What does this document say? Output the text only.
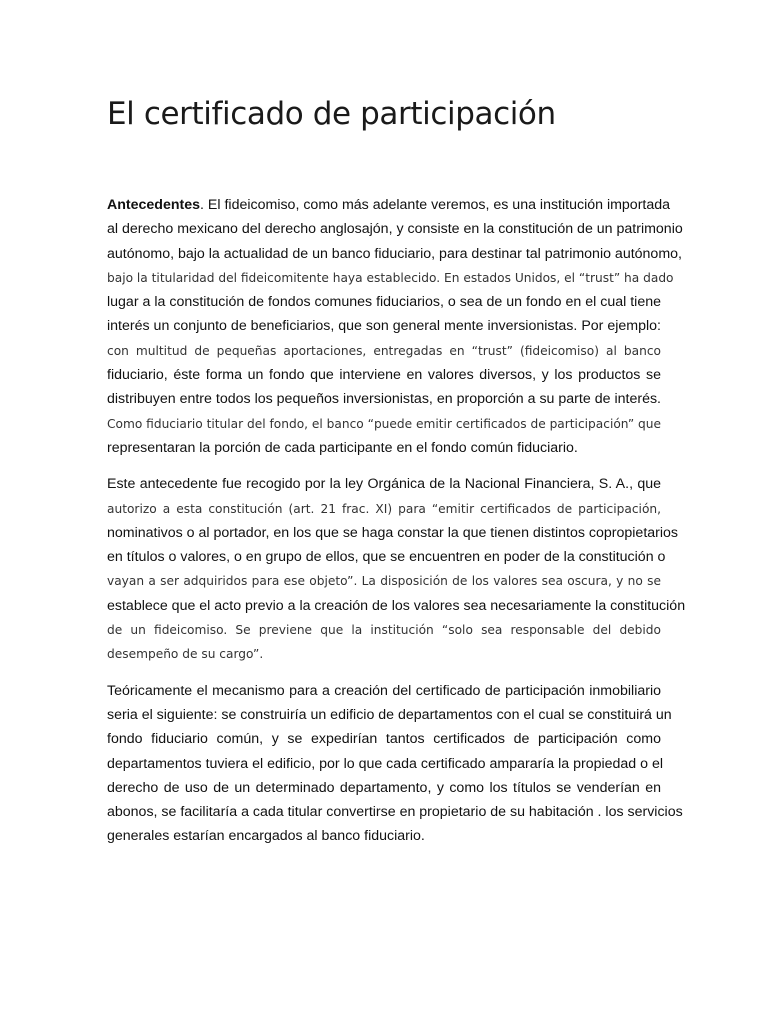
El certificado de participación
Antecedentes. El fideicomiso, como más adelante veremos, es una institución importada
al derecho mexicano del derecho anglosajón, y consiste en la constitución de un patrimonio
autónomo, bajo la actualidad de un banco fiduciario, para destinar tal patrimonio autónomo,
bajo la titularidad del fideicomitente haya establecido. En estados Unidos, el “trust” ha dado
lugar a la constitución de fondos comunes fiduciarios, o sea de un fondo en el cual tiene
interés un conjunto de beneficiarios, que son general mente inversionistas. Por ejemplo:
con multitud de pequeñas aportaciones, entregadas en “trust” (fideicomiso) al banco
fiduciario, éste forma un fondo que interviene en valores diversos, y los productos se
distribuyen entre todos los pequeños inversionistas, en proporción a su parte de interés.
Como fiduciario titular del fondo, el banco “puede emitir certificados de participación” que
representaran la porción de cada participante en el fondo común fiduciario.
Este antecedente fue recogido por la ley Orgánica de la Nacional Financiera, S. A., que
autorizo a esta constitución (art. 21 frac. XI) para “emitir certificados de participación,
nominativos o al portador, en los que se haga constar la que tienen distintos copropietarios
en títulos o valores, o en grupo de ellos, que se encuentren en poder de la constitución o
vayan a ser adquiridos para ese objeto”. La disposición de los valores sea oscura, y no se
establece que el acto previo a la creación de los valores sea necesariamente la constitución
de un fideicomiso. Se previene que la institución “solo sea responsable del debido
desempeño de su cargo”.
Teóricamente el mecanismo para a creación del certificado de participación inmobiliario
seria el siguiente: se construiría un edificio de departamentos con el cual se constituirá un
fondo fiduciario común, y se expedirían tantos certificados de participación como
departamentos tuviera el edificio, por lo que cada certificado ampararía la propiedad o el
derecho de uso de un determinado departamento, y como los títulos se venderían en
abonos, se facilitaría a cada titular convertirse en propietario de su habitación . los servicios
generales estarían encargados al banco fiduciario.
